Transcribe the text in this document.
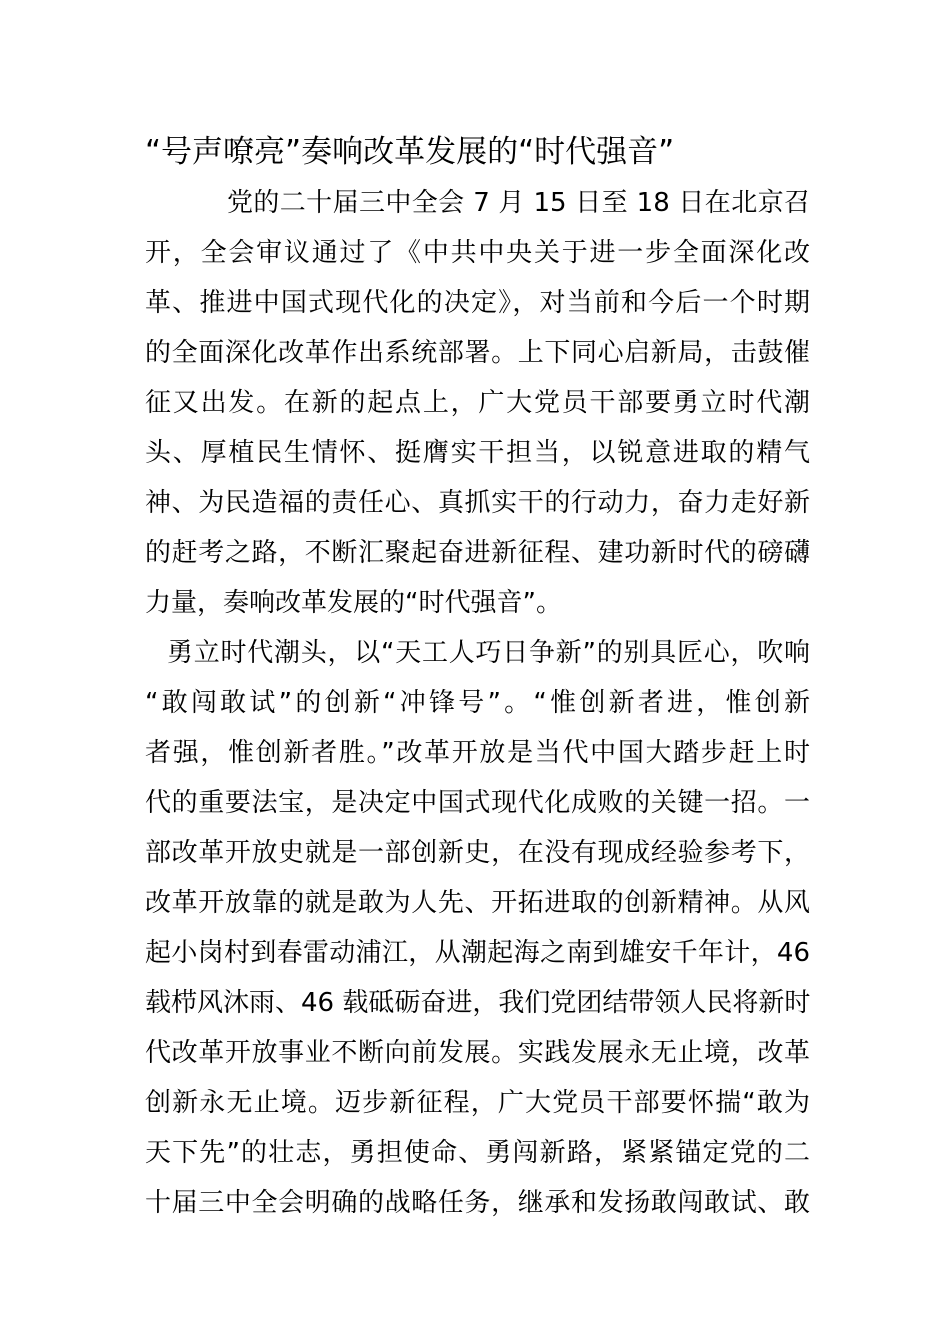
“号声嘹亮”奏响改革发展的“时代强音”
党的二十届三中全会 7 月 15 日至 18 日在北京召
开，全会审议通过了《中共中央关于进一步全面深化改
革、推进中国式现代化的决定》，对当前和今后一个时期
的全面深化改革作出系统部署。上下同心启新局，击鼓催
征又出发。在新的起点上，广大党员干部要勇立时代潮
头、厚植民生情怀、挺膺实干担当，以锐意进取的精气
神、为民造福的责任心、真抓实干的行动力，奋力走好新
的赶考之路，不断汇聚起奋进新征程、建功新时代的磅礴
力量，奏响改革发展的“时代强音”。
勇立时代潮头，以“天工人巧日争新”的别具匠心，吹响
“敢闯敢试”的创新“冲锋号”。“惟创新者进，惟创新
者强，惟创新者胜。”改革开放是当代中国大踏步赶上时
代的重要法宝，是决定中国式现代化成败的关键一招。一
部改革开放史就是一部创新史，在没有现成经验参考下，
改革开放靠的就是敢为人先、开拓进取的创新精神。从风
起小岗村到春雷动浦江，从潮起海之南到雄安千年计，46
载栉风沐雨、46 载砥砺奋进，我们党团结带领人民将新时
代改革开放事业不断向前发展。实践发展永无止境，改革
创新永无止境。迈步新征程，广大党员干部要怀揣“敢为
天下先”的壮志，勇担使命、勇闯新路，紧紧锚定党的二
十届三中全会明确的战略任务，继承和发扬敢闯敢试、敢
